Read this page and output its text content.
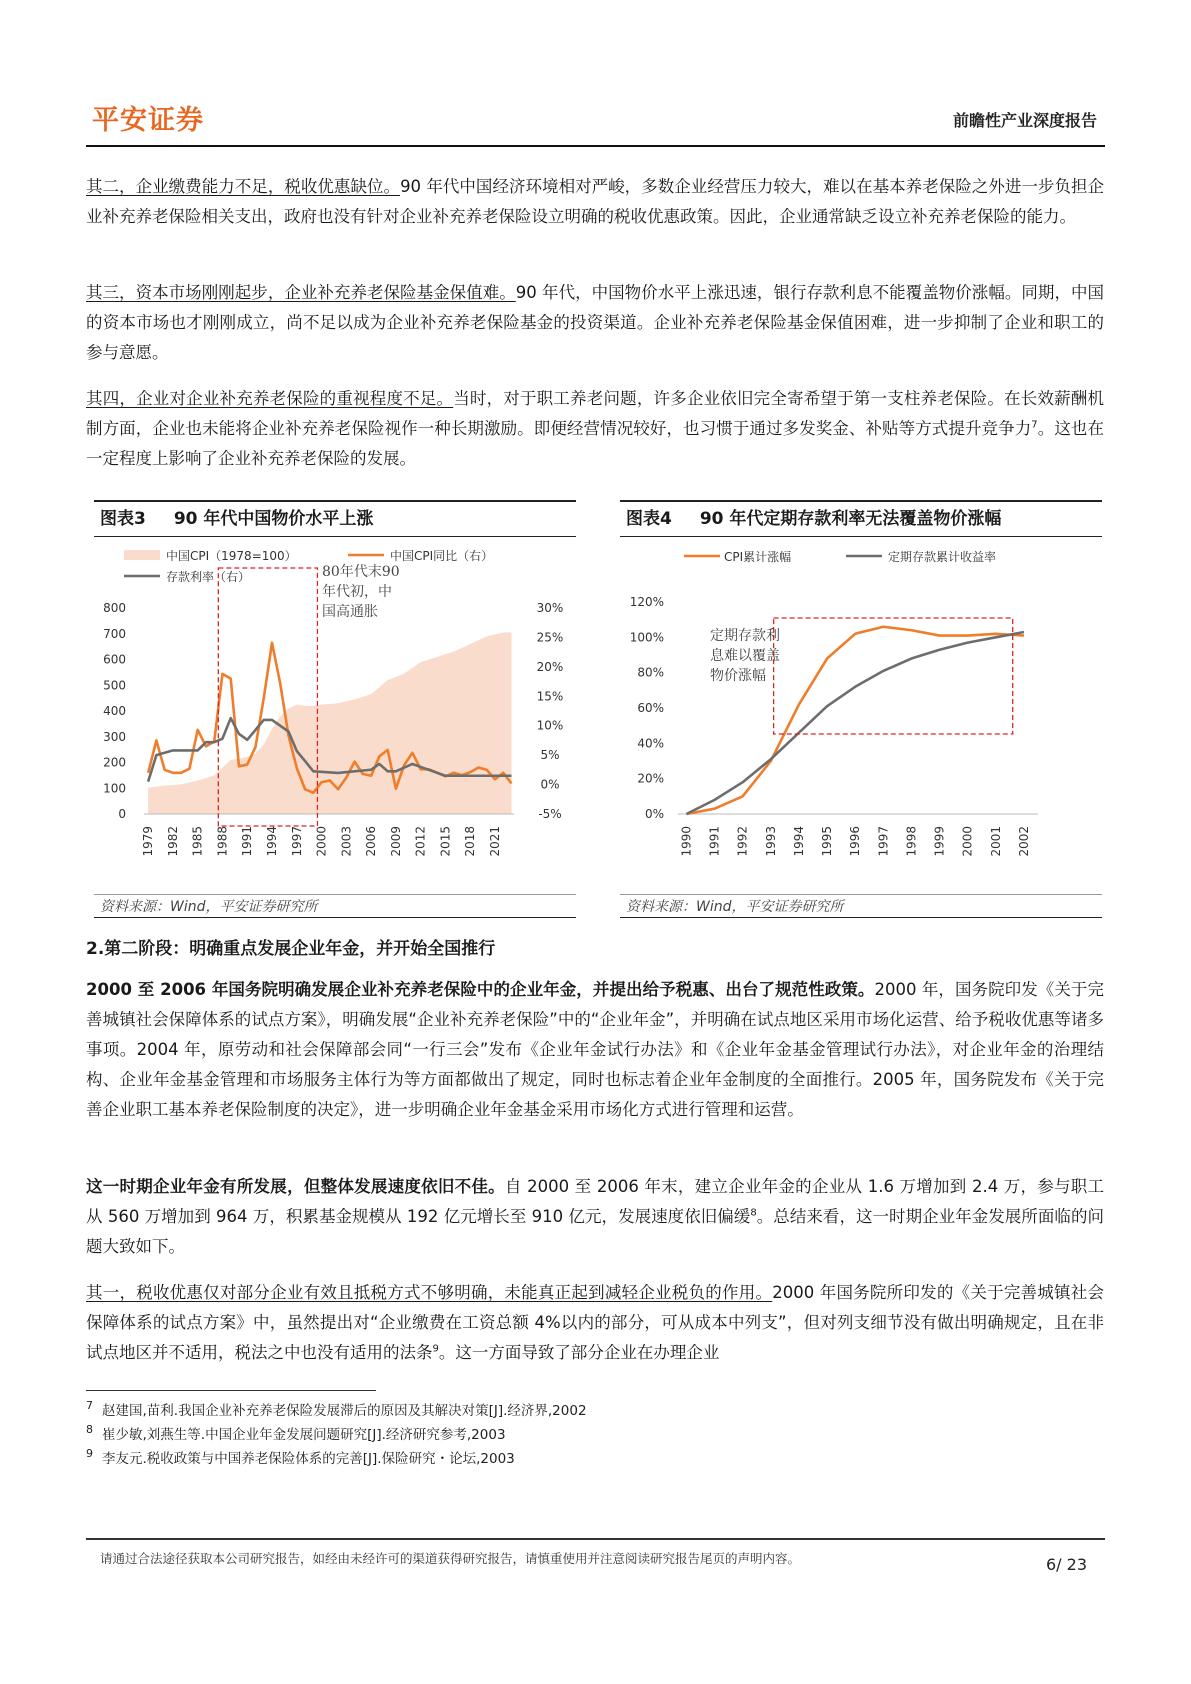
平安证券	前瞻性产业深度报告
其二，企业缴费能力不足，税收优惠缺位。90 年代中国经济环境相对严峻，多数企业经营压力较大，难以在基本养老保险之外进一步负担企业补充养老保险相关支出，政府也没有针对企业补充养老保险设立明确的税收优惠政策。因此，企业通常缺乏设立补充养老保险的能力。
其三，资本市场刚刚起步，企业补充养老保险基金保值难。90 年代，中国物价水平上涨迅速，银行存款利息不能覆盖物价涨幅。同期，中国的资本市场也才刚刚成立，尚不足以成为企业补充养老保险基金的投资渠道。企业补充养老保险基金保值困难，进一步抑制了企业和职工的参与意愿。
其四，企业对企业补充养老保险的重视程度不足。当时，对于职工养老问题，许多企业依旧完全寄希望于第一支柱养老保险。在长效薪酬机制方面，企业也未能将企业补充养老保险视作一种长期激励。即便经营情况较好，也习惯于通过多发奖金、补贴等方式提升竞争力$^7$。这也在一定程度上影响了企业补充养老保险的发展。
图表3 90 年代中国物价水平上涨
中国CPI（1978=100）	中国CPI同比（右）
存款利率（右）
800
700
600
500
400
300
200
100
0
30%
25%
20%
15%
10%
5%
0%
-5%
1979 1982 1985 1988 1991 1994 1997 2000 2003 2006 2009 2012 2015 2018 2021
80年代末90
年代初，中
国高通胀
资料来源：Wind，平安证券研究所
图表4 90 年代定期存款利率无法覆盖物价涨幅
CPI累计涨幅	定期存款累计收益率
120%
100%
80%
60%
40%
20%
0%
1990 1991 1992 1993 1994 1995 1996 1997 1998 1999 2000 2001 2002
定期存款利
息难以覆盖
物价涨幅
资料来源：Wind，平安证券研究所
2.第二阶段：明确重点发展企业年金，并开始全国推行
2000 至 2006 年国务院明确发展企业补充养老保险中的企业年金，并提出给予税惠、出台了规范性政策。2000 年，国务院印发《关于完善城镇社会保障体系的试点方案》，明确发展“企业补充养老保险”中的“企业年金”，并明确在试点地区采用市场化运营、给予税收优惠等诸多事项。2004 年，原劳动和社会保障部会同“一行三会”发布《企业年金试行办法》和《企业年金基金管理试行办法》，对企业年金的治理结构、企业年金基金管理和市场服务主体行为等方面都做出了规定，同时也标志着企业年金制度的全面推行。2005 年，国务院发布《关于完善企业职工基本养老保险制度的决定》，进一步明确企业年金基金采用市场化方式进行管理和运营。
这一时期企业年金有所发展，但整体发展速度依旧不佳。自 2000 至 2006 年末，建立企业年金的企业从 1.6 万增加到 2.4 万，参与职工从 560 万增加到 964 万，积累基金规模从 192 亿元增长至 910 亿元，发展速度依旧偏缓$^8$。总结来看，这一时期企业年金发展所面临的问题大致如下。
其一，税收优惠仅对部分企业有效且抵税方式不够明确，未能真正起到减轻企业税负的作用。2000 年国务院所印发的《关于完善城镇社会保障体系的试点方案》中，虽然提出对“企业缴费在工资总额 4%以内的部分，可从成本中列支”，但对列支细节没有做出明确规定，且在非试点地区并不适用，税法之中也没有适用的法条$^9$。这一方面导致了部分企业在办理企业
7 赵建国,苗利.我国企业补充养老保险发展滞后的原因及其解决对策[J].经济界,2002
8 崔少敏,刘燕生等.中国企业年金发展问题研究[J].经济研究参考,2003
9 李友元.税收政策与中国养老保险体系的完善[J].保险研究・论坛,2003
请通过合法途径获取本公司研究报告，如经由未经许可的渠道获得研究报告，请慎重使用并注意阅读研究报告尾页的声明内容。	6/ 23
